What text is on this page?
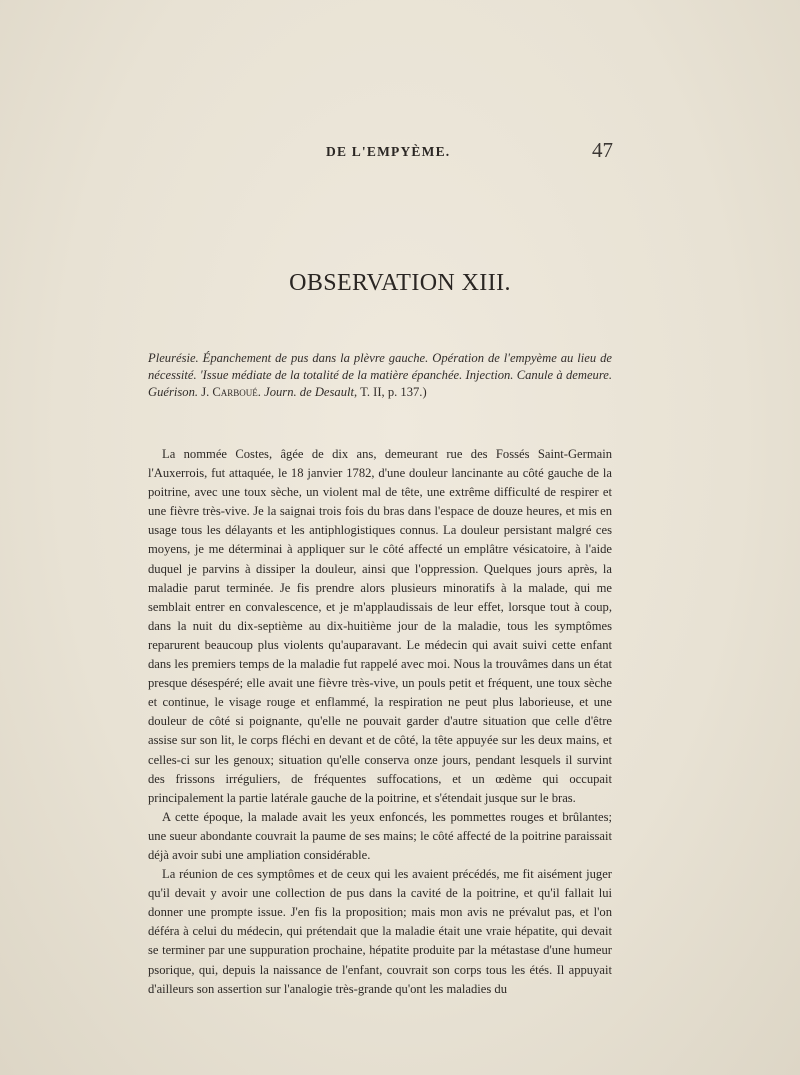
DE L'EMPYÈME.	47
OBSERVATION XIII.
Pleurésie. Épanchement de pus dans la plèvre gauche. Opération de l'empyème au lieu de nécessité. 'Issue médiate de la totalité de la matière épanchée. Injection. Canule à demeure. Guérison. J. Carboué. Journ. de Desault, T. II, p. 137.)

La nommée Costes, âgée de dix ans, demeurant rue des Fossés Saint-Germain l'Auxerrois, fut attaquée, le 18 janvier 1782, d'une douleur lancinante au côté gauche de la poitrine, avec une toux sèche, un violent mal de tête, une extrême difficulté de respirer et une fièvre très-vive. Je la saignai trois fois du bras dans l'espace de douze heures, et mis en usage tous les délayants et les antiphlogistiques connus. La douleur persistant malgré ces moyens, je me déterminai à appliquer sur le côté affecté un emplâtre vésicatoire, à l'aide duquel je parvins à dissiper la douleur, ainsi que l'oppression. Quelques jours après, la maladie parut terminée. Je fis prendre alors plusieurs minoratifs à la malade, qui me semblait entrer en convalescence, et je m'applaudissais de leur effet, lorsque tout à coup, dans la nuit du dix-septième au dix-huitième jour de la maladie, tous les symptômes reparurent beaucoup plus violents qu'auparavant. Le médecin qui avait suivi cette enfant dans les premiers temps de la maladie fut rappelé avec moi. Nous la trouvâmes dans un état presque désespéré; elle avait une fièvre très-vive, un pouls petit et fréquent, une toux sèche et continue, le visage rouge et enflammé, la respiration ne peut plus laborieuse, et une douleur de côté si poignante, qu'elle ne pouvait garder d'autre situation que celle d'être assise sur son lit, le corps fléchi en devant et de côté, la tête appuyée sur les deux mains, et celles-ci sur les genoux; situation qu'elle conserva onze jours, pendant lesquels il survint des frissons irréguliers, de fréquentes suffocations, et un œdème qui occupait principalement la partie latérale gauche de la poitrine, et s'étendait jusque sur le bras.

A cette époque, la malade avait les yeux enfoncés, les pommettes rouges et brûlantes; une sueur abondante couvrait la paume de ses mains; le côté affecté de la poitrine paraissait déjà avoir subi une ampliation considérable.

La réunion de ces symptômes et de ceux qui les avaient précédés, me fit aisément juger qu'il devait y avoir une collection de pus dans la cavité de la poitrine, et qu'il fallait lui donner une prompte issue. J'en fis la proposition; mais mon avis ne prévalut pas, et l'on déféra à celui du médecin, qui prétendait que la maladie était une vraie hépatite, qui devait se terminer par une suppuration prochaine, hépatite produite par la métastase d'une humeur psorique, qui, depuis la naissance de l'enfant, couvrait son corps tous les étés. Il appuyait d'ailleurs son assertion sur l'analogie très-grande qu'ont les maladies du
